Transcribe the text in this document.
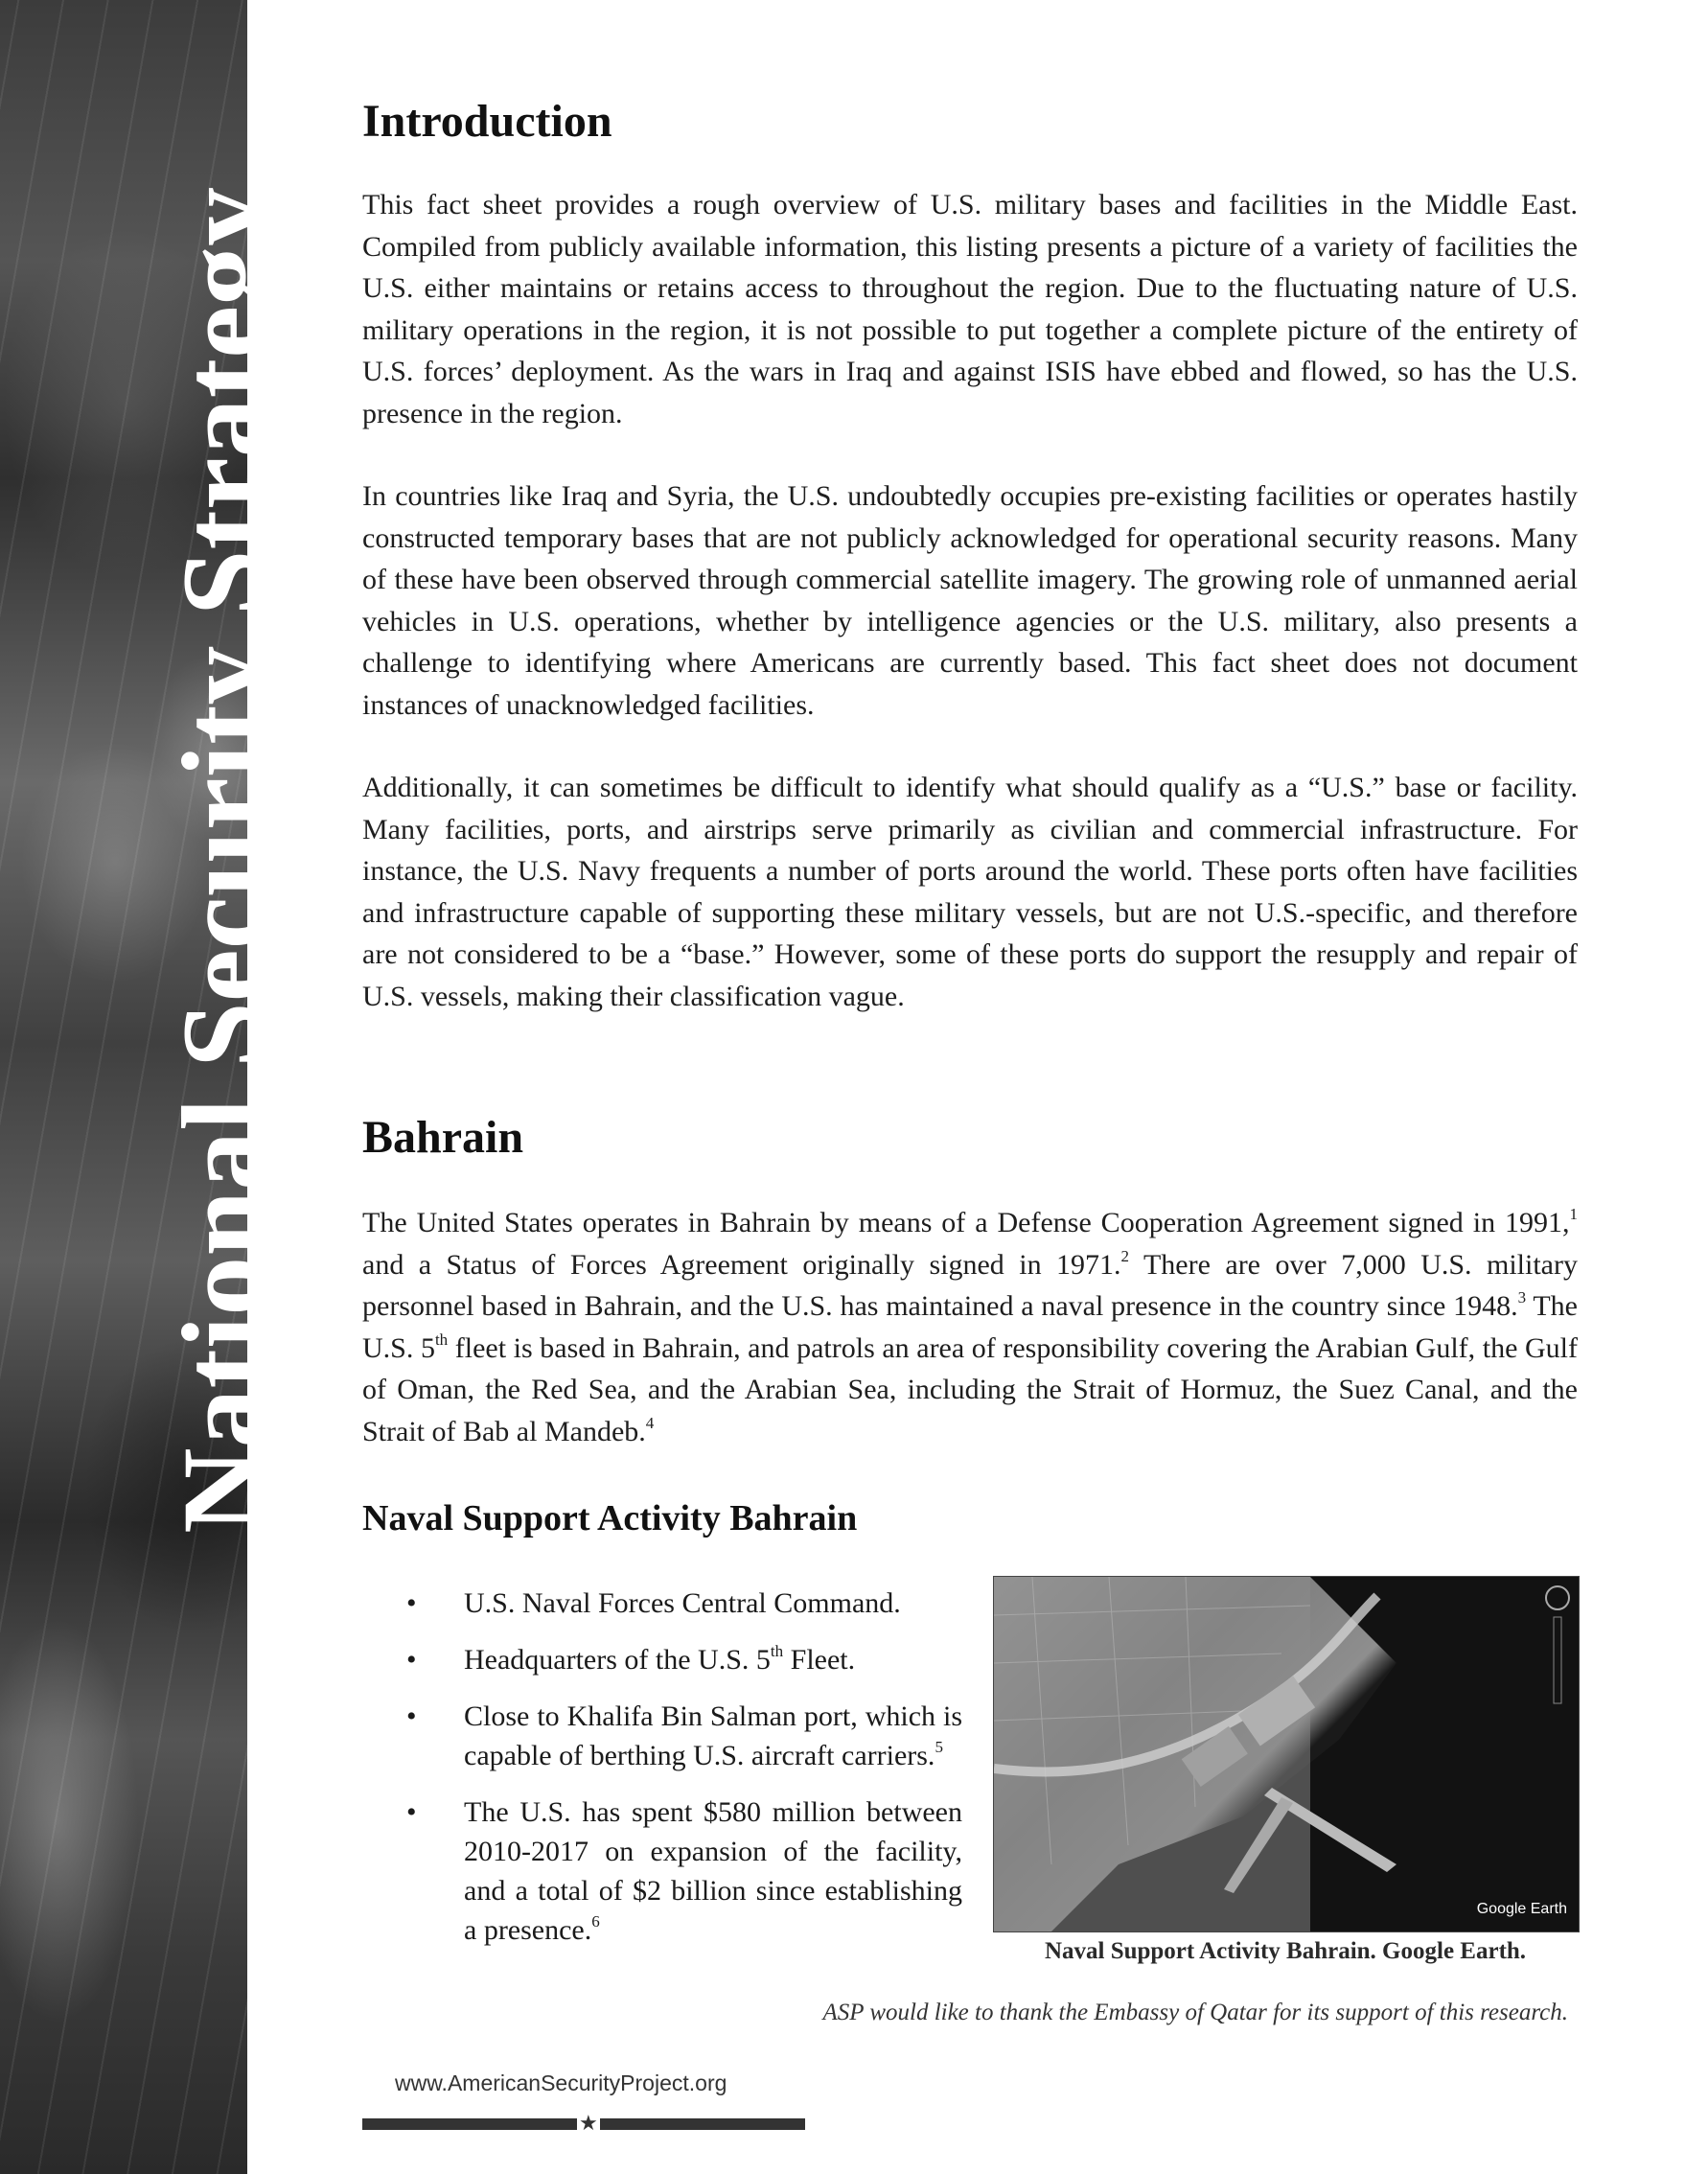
National Security Strategy
Introduction

This fact sheet provides a rough overview of U.S. military bases and facilities in the Middle East. Compiled from publicly available information, this listing presents a picture of a variety of facilities the U.S. either maintains or retains access to throughout the region. Due to the fluctuating nature of U.S. military operations in the region, it is not possible to put together a complete picture of the entirety of U.S. forces’ deployment. As the wars in Iraq and against ISIS have ebbed and flowed, so has the U.S. presence in the region.

In countries like Iraq and Syria, the U.S. undoubtedly occupies pre-existing facilities or operates hastily constructed temporary bases that are not publicly acknowledged for operational security reasons. Many of these have been observed through commercial satellite imagery. The growing role of unmanned aerial vehicles in U.S. operations, whether by intelligence agencies or the U.S. military, also presents a challenge to identifying where Americans are currently based. This fact sheet does not document instances of unacknowledged facilities.

Additionally, it can sometimes be difficult to identify what should qualify as a “U.S.” base or facility. Many facilities, ports, and airstrips serve primarily as civilian and commercial infrastructure. For instance, the U.S. Navy frequents a number of ports around the world. These ports often have facilities and infrastructure capable of supporting these military vessels, but are not U.S.-specific, and therefore are not considered to be a “base.” However, some of these ports do support the resupply and repair of U.S. vessels, making their classification vague.

Bahrain

The United States operates in Bahrain by means of a Defense Cooperation Agreement signed in 1991,$^1$ and a Status of Forces Agreement originally signed in 1971.$^2$ There are over 7,000 U.S. military personnel based in Bahrain, and the U.S. has maintained a naval presence in the country since 1948.$^3$ The U.S. 5th fleet is based in Bahrain, and patrols an area of responsibility covering the Arabian Gulf, the Gulf of Oman, the Red Sea, and the Arabian Sea, including the Strait of Hormuz, the Suez Canal, and the Strait of Bab al Mandeb.$^4$

Naval Support Activity Bahrain
• U.S. Naval Forces Central Command.
• Headquarters of the U.S. 5th Fleet.
• Close to Khalifa Bin Salman port, which is capable of berthing U.S. aircraft carriers.$^5$
• The U.S. has spent $580 million between 2010-2017 on expansion of the facility, and a total of $2 billion since establishing a presence.$^6$
Google Earth
Naval Support Activity Bahrain. Google Earth.
ASP would like to thank the Embassy of Qatar for its support of this research.
www.AmericanSecurityProject.org
★
